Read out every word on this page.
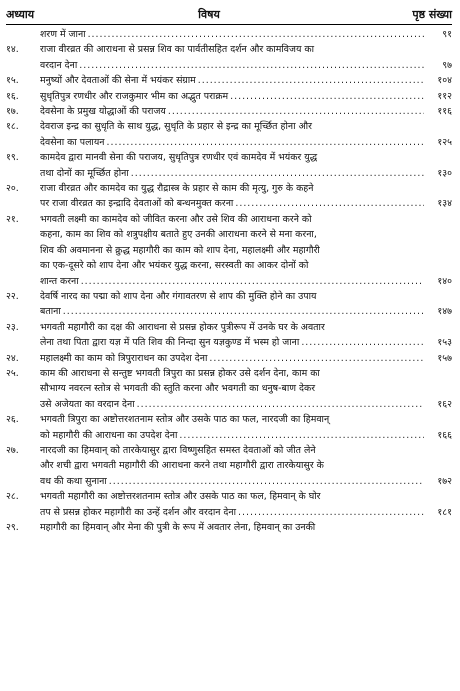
अध्याय	विषय	पृष्ठ संख्या
शरण में जाना .....	९१
१४.	राजा वीरव्रत की आराधना से प्रसन्न शिव का पार्वतीसहित दर्शन और कामविजय का
वरदान देना .....	९७
१५.	मनुष्यों और देवताओं की सेना में भयंकर संग्राम .....	१०४
१६.	सुधृतिपुत्र रणधीर और राजकुमार भीम का अद्भुत पराक्रम .....	११२
१७.	देवसेना के प्रमुख योद्धाओं की पराजय .....	११६
१८.	देवराज इन्द्र का सुधृति के साथ युद्ध, सुधृति के प्रहार से इन्द्र का मूर्च्छित होना और
देवसेना का पलायन .....	१२५
१९.	कामदेव द्वारा मानवी सेना की पराजय, सुधृतिपुत्र रणधीर एवं कामदेव में भयंकर युद्ध
तथा दोनों का मूर्च्छित होना .....	१३०
२०.	राजा वीरव्रत और कामदेव का युद्ध रौद्रास्त्र के प्रहार से काम की मृत्यु, गुरु के कहने
पर राजा वीरव्रत का इन्द्रादि देवताओं को बन्धनमुक्त करना .....	१३४
२१.	भगवती लक्ष्मी का कामदेव को जीवित करना और उसे शिव की आराधना करने को
कहना, काम का शिव को शत्रुपक्षीय बताते हुए उनकी आराधना करने से मना करना,
शिव की अवमानना से क्रुद्ध महागौरी का काम को शाप देना, महालक्ष्मी और महागौरी
का एक-दूसरे को शाप देना और भयंकर युद्ध करना, सरस्वती का आकर दोनों को
शान्त करना .....	१४०
२२.	देवर्षि नारद का पद्मा को शाप देना और गंगावतरण से शाप की मुक्ति होने का उपाय
बताना .....	१४७
२३.	भगवती महागौरी का दक्ष की आराधना से प्रसन्न होकर पुत्रीरूप में उनके घर के अवतार
लेना तथा पिता द्वारा यज्ञ में पति शिव की निन्दा सुन यज्ञकुण्ड में भस्म हो जाना .....	१५३
२४.	महालक्ष्मी का काम को त्रिपुराराधन का उपदेश देना .....	१५७
२५.	काम की आराधना से सन्तुष्ट भगवती त्रिपुरा का प्रसन्न होकर उसे दर्शन देना, काम का
सौभाग्य नवरत्न स्तोत्र से भगवती की स्तुति करना और भवगती का धनुष-बाण देकर
उसे अजेयता का वरदान देना .....	१६२
२६.	भगवती त्रिपुरा का अष्टोत्तरशतनाम स्तोत्र और उसके पाठ का फल, नारदजी का हिमवान्
को महागौरी की आराधना का उपदेश देना .....	१६६
२७.	नारदजी का हिमवान् को तारकेयासुर द्वारा विष्णुसहित समस्त देवताओं को जीत लेने
और शची द्वारा भगवती महागौरी की आराधना करने तथा महागौरी द्वारा तारकेयासुर के
वध की कथा सुनाना .....	१७२
२८.	भगवती महागौरी का अष्टोत्तरशतनाम स्तोत्र और उसके पाठ का फल, हिमवान् के घोर
तप से प्रसन्न होकर महागौरी का उन्हें दर्शन और वरदान देना .....	१८१
२९.	महागौरी का हिमवान् और मेना की पुत्री के रूप में अवतार लेना, हिमवान् का उनकी
